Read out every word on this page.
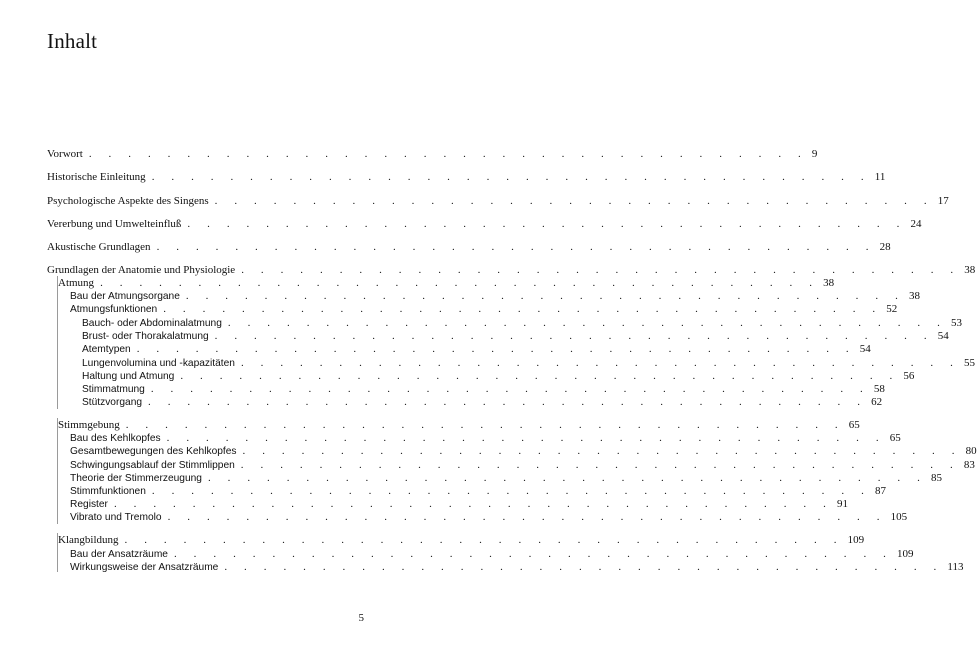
Inhalt
Vorwort . . . . . . . . . . . . . . . . . . . . . . . . . . . . . . . . . . . . . 9
Historische Einleitung . . . . . . . . . . . . . . . . . . . . . . . . . . . . . . . . . . . . . 11
Psychologische Aspekte des Singens . . . . . . . . . . . . . . . . . . . . . . . . . . . . . . . . . . . . . 17
Vererbung und Umwelteinfluß . . . . . . . . . . . . . . . . . . . . . . . . . . . . . . . . . . . . . 24
Akustische Grundlagen . . . . . . . . . . . . . . . . . . . . . . . . . . . . . . . . . . . . . 28
Grundlagen der Anatomie und Physiologie . . . . . . . . . . . . . . . . . . . . . . . . . . . . . . . . . . . . . 38
Atmung . . . . . . . . . . . . . . . . . . . . . . . . . . . . . . . . . . . . . 38
Bau der Atmungsorgane . . . . . . . . . . . . . . . . . . . . . . . . . . . . . . . . . . . . . 38
Atmungsfunktionen . . . . . . . . . . . . . . . . . . . . . . . . . . . . . . . . . . . . . 52
Bauch- oder Abdominalatmung . . . . . . . . . . . . . . . . . . . . . . . . . . . . . . . . . . . . . 53
Brust- oder Thorakalatmung . . . . . . . . . . . . . . . . . . . . . . . . . . . . . . . . . . . . . 54
Atemtypen . . . . . . . . . . . . . . . . . . . . . . . . . . . . . . . . . . . . . 54
Lungenvolumina und -kapazitäten . . . . . . . . . . . . . . . . . . . . . . . . . . . . . . . . . . . . . 55
Haltung und Atmung . . . . . . . . . . . . . . . . . . . . . . . . . . . . . . . . . . . . . 56
Stimmatmung . . . . . . . . . . . . . . . . . . . . . . . . . . . . . . . . . . . . . 58
Stützvorgang . . . . . . . . . . . . . . . . . . . . . . . . . . . . . . . . . . . . . 62
Stimmgebung . . . . . . . . . . . . . . . . . . . . . . . . . . . . . . . . . . . . . 65
Bau des Kehlkopfes . . . . . . . . . . . . . . . . . . . . . . . . . . . . . . . . . . . . . 65
Gesamtbewegungen des Kehlkopfes . . . . . . . . . . . . . . . . . . . . . . . . . . . . . . . . . . . . . 80
Schwingungsablauf der Stimmlippen . . . . . . . . . . . . . . . . . . . . . . . . . . . . . . . . . . . . . 83
Theorie der Stimmerzeugung . . . . . . . . . . . . . . . . . . . . . . . . . . . . . . . . . . . . . 85
Stimmfunktionen . . . . . . . . . . . . . . . . . . . . . . . . . . . . . . . . . . . . . 87
Register . . . . . . . . . . . . . . . . . . . . . . . . . . . . . . . . . . . . . 91
Vibrato und Tremolo . . . . . . . . . . . . . . . . . . . . . . . . . . . . . . . . . . . . . 105
Klangbildung . . . . . . . . . . . . . . . . . . . . . . . . . . . . . . . . . . . . . 109
Bau der Ansatzräume . . . . . . . . . . . . . . . . . . . . . . . . . . . . . . . . . . . . . 109
Wirkungsweise der Ansatzräume . . . . . . . . . . . . . . . . . . . . . . . . . . . . . . . . . . . . . 113
5
